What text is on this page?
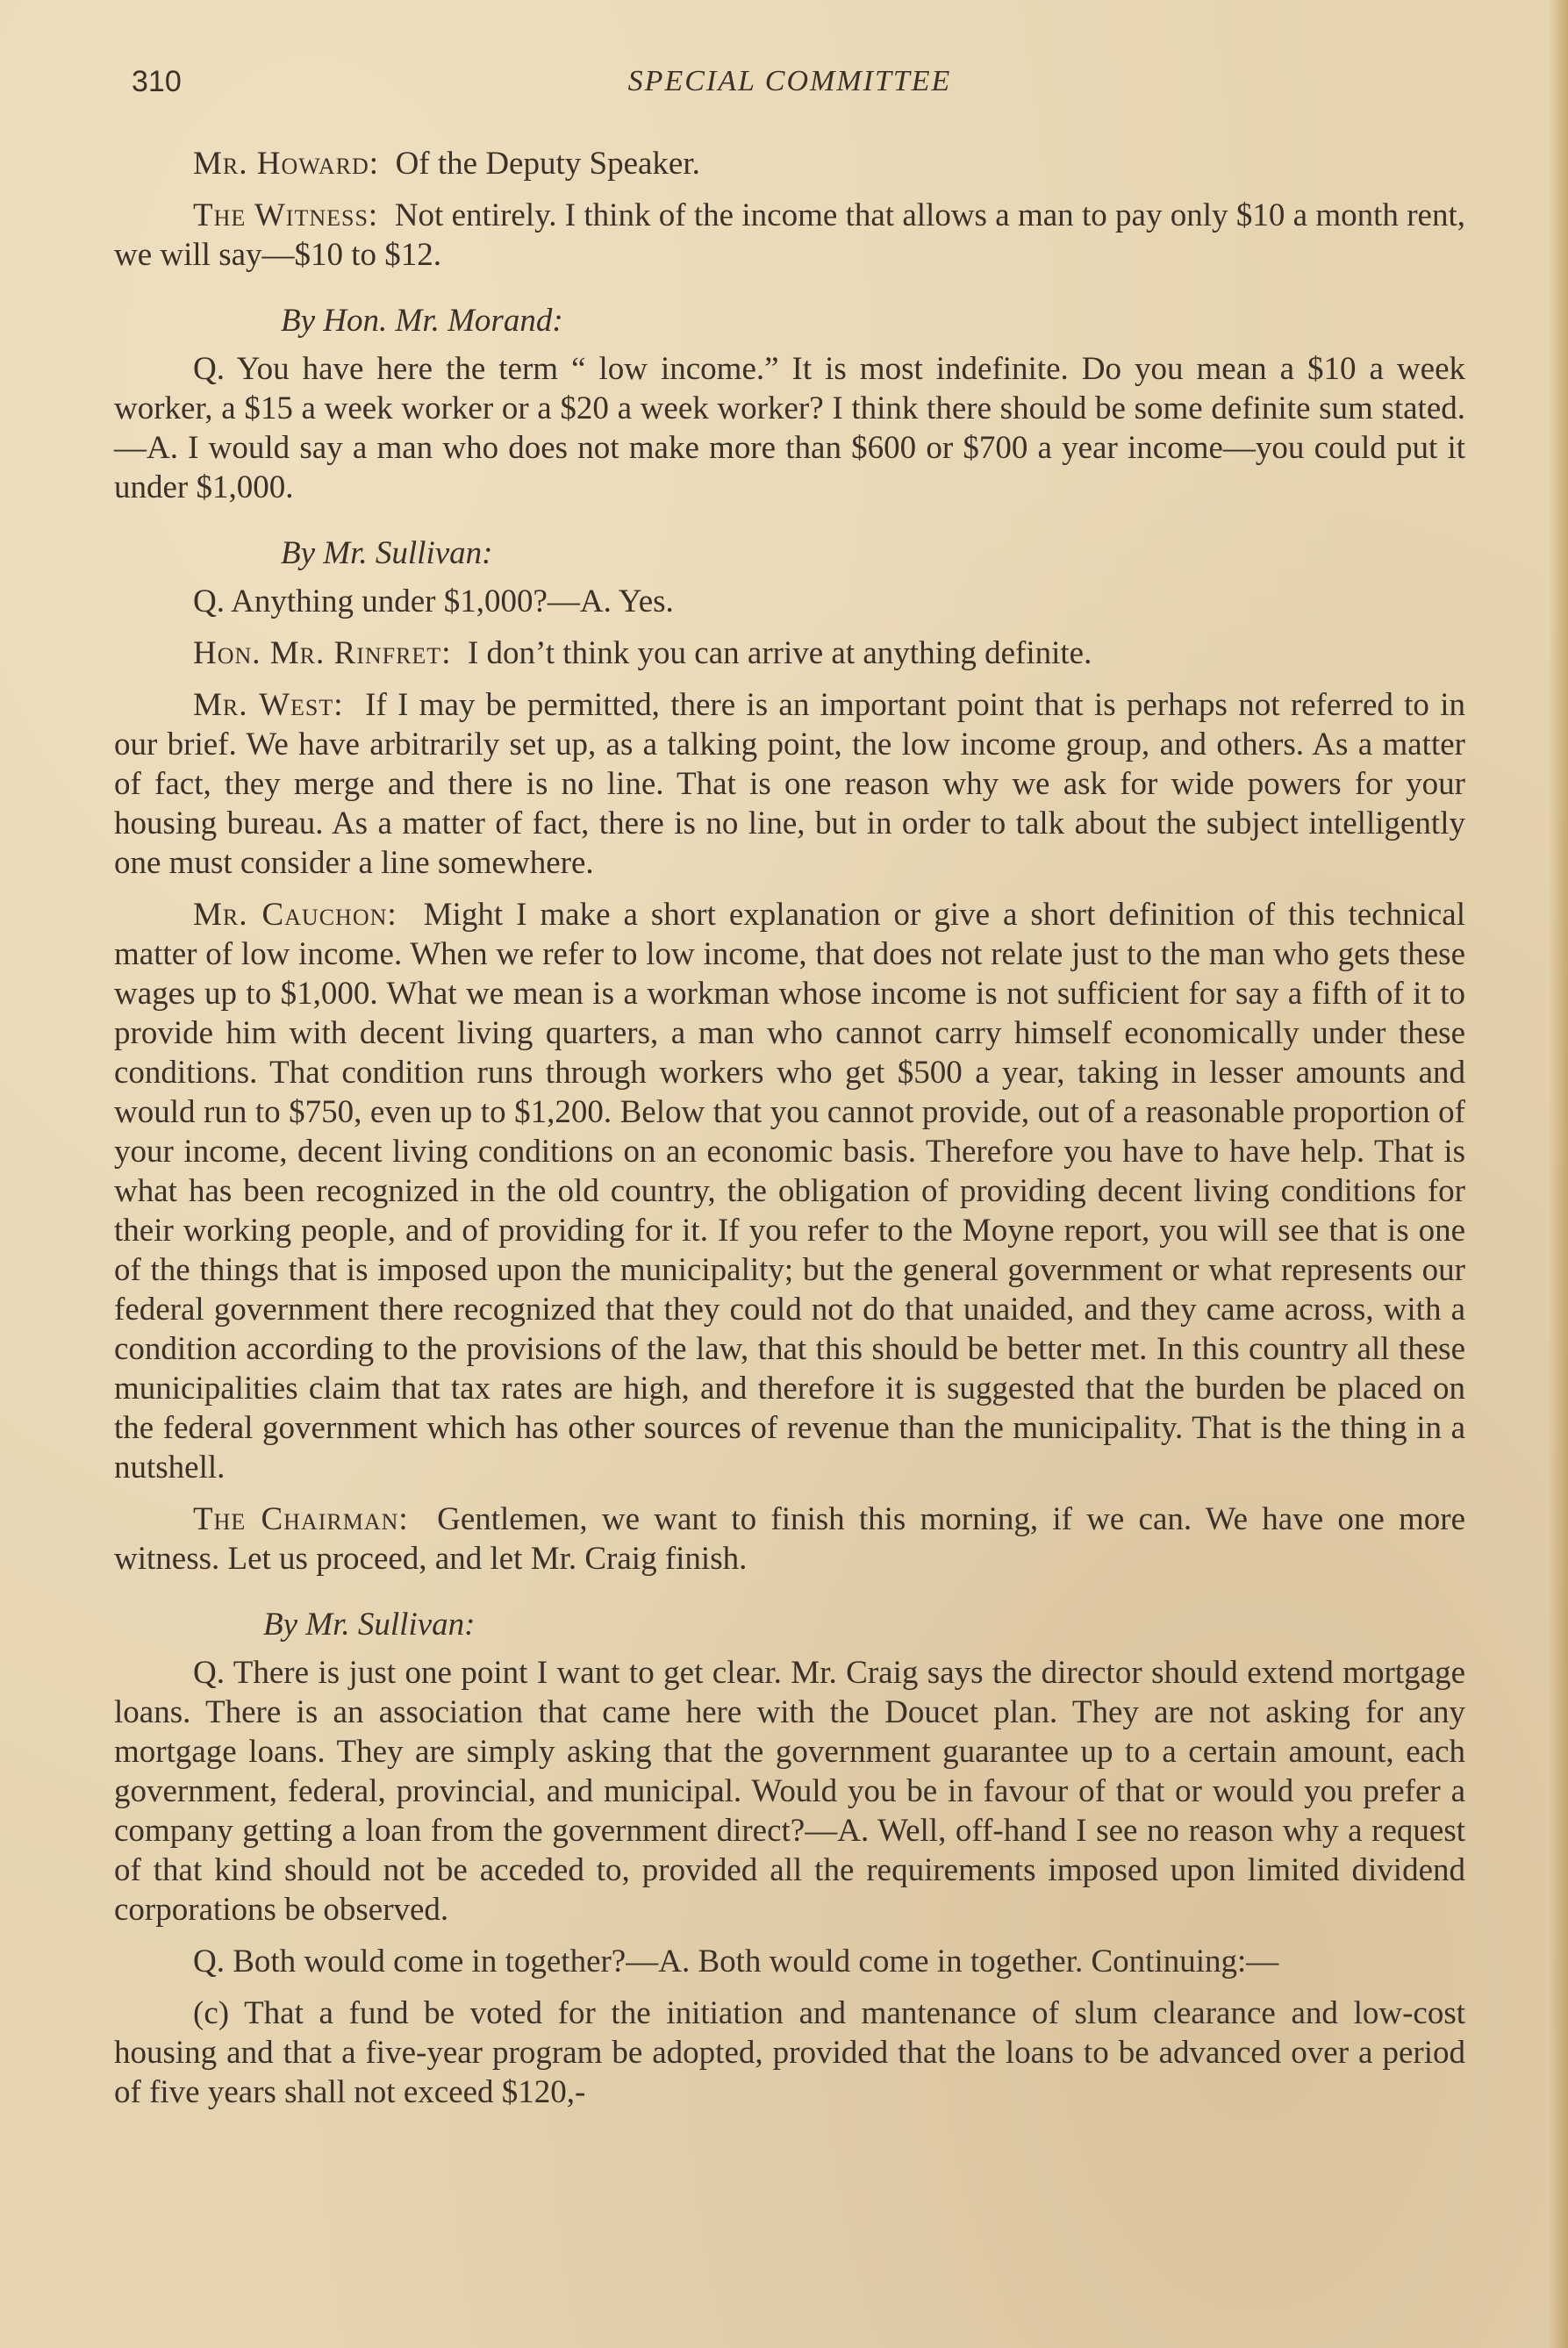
310	SPECIAL COMMITTEE

Mr. Howard: Of the Deputy Speaker.

The Witness: Not entirely. I think of the income that allows a man to pay only $10 a month rent, we will say—$10 to $12.

By Hon. Mr. Morand:

Q. You have here the term “ low income.” It is most indefinite. Do you mean a $10 a week worker, a $15 a week worker or a $20 a week worker? I think there should be some definite sum stated.—A. I would say a man who does not make more than $600 or $700 a year income—you could put it under $1,000.

By Mr. Sullivan:

Q. Anything under $1,000?—A. Yes.

Hon. Mr. Rinfret: I don’t think you can arrive at anything definite.

Mr. West: If I may be permitted, there is an important point that is perhaps not referred to in our brief. We have arbitrarily set up, as a talking point, the low income group, and others. As a matter of fact, they merge and there is no line. That is one reason why we ask for wide powers for your housing bureau. As a matter of fact, there is no line, but in order to talk about the subject intelligently one must consider a line somewhere.

Mr. Cauchon: Might I make a short explanation or give a short definition of this technical matter of low income. When we refer to low income, that does not relate just to the man who gets these wages up to $1,000. What we mean is a workman whose income is not sufficient for say a fifth of it to provide him with decent living quarters, a man who cannot carry himself economically under these conditions. That condition runs through workers who get $500 a year, taking in lesser amounts and would run to $750, even up to $1,200. Below that you cannot provide, out of a reasonable proportion of your income, decent living conditions on an economic basis. Therefore you have to have help. That is what has been recognized in the old country, the obligation of providing decent living conditions for their working people, and of providing for it. If you refer to the Moyne report, you will see that is one of the things that is imposed upon the municipality; but the general government or what represents our federal government there recognized that they could not do that unaided, and they came across, with a condition according to the provisions of the law, that this should be better met. In this country all these municipalities claim that tax rates are high, and therefore it is suggested that the burden be placed on the federal government which has other sources of revenue than the municipality. That is the thing in a nutshell.

The Chairman: Gentlemen, we want to finish this morning, if we can. We have one more witness. Let us proceed, and let Mr. Craig finish.

By Mr. Sullivan:

Q. There is just one point I want to get clear. Mr. Craig says the director should extend mortgage loans. There is an association that came here with the Doucet plan. They are not asking for any mortgage loans. They are simply asking that the government guarantee up to a certain amount, each government, federal, provincial, and municipal. Would you be in favour of that or would you prefer a company getting a loan from the government direct?—A. Well, off-hand I see no reason why a request of that kind should not be acceded to, provided all the requirements imposed upon limited dividend corporations be observed.

Q. Both would come in together?—A. Both would come in together. Continuing:—

(c) That a fund be voted for the initiation and mantenance of slum clearance and low-cost housing and that a five-year program be adopted, provided that the loans to be advanced over a period of five years shall not exceed $120,-
